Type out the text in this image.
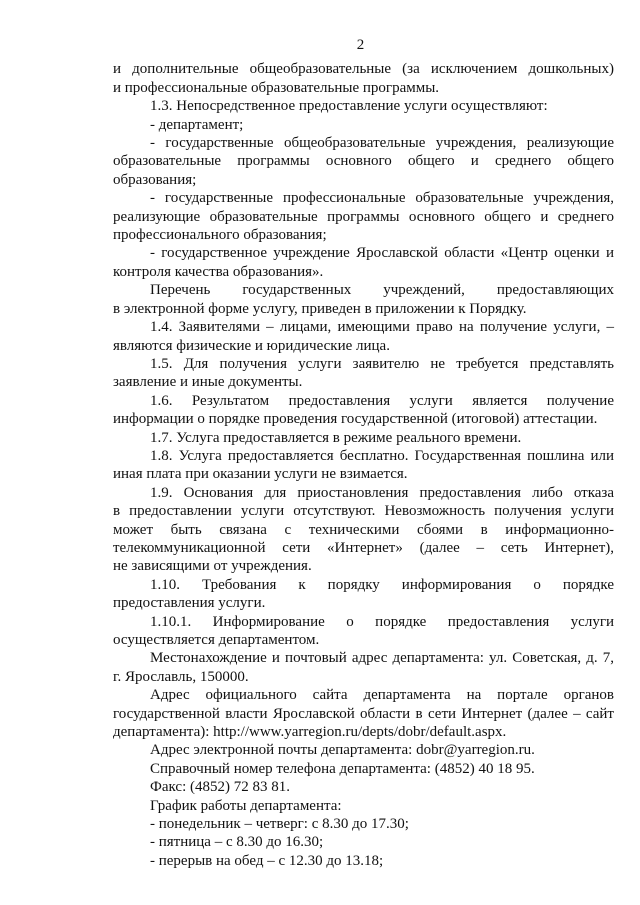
2
и дополнительные общеобразовательные (за исключением дошкольных)
и профессиональные образовательные программы.
1.3. Непосредственное предоставление услуги осуществляют:
- департамент;
- государственные общеобразовательные учреждения, реализующие
образовательные программы основного общего и среднего общего
образования;
- государственные профессиональные образовательные учреждения,
реализующие образовательные программы основного общего и среднего
профессионального образования;
- государственное учреждение Ярославской области «Центр оценки и
контроля качества образования».
Перечень государственных учреждений, предоставляющих
в электронной форме услугу, приведен в приложении к Порядку.
1.4. Заявителями – лицами, имеющими право на получение услуги, –
являются физические и юридические лица.
1.5. Для получения услуги заявителю не требуется представлять
заявление и иные документы.
1.6. Результатом предоставления услуги является получение
информации о порядке проведения государственной (итоговой) аттестации.
1.7. Услуга предоставляется в режиме реального времени.
1.8. Услуга предоставляется бесплатно. Государственная пошлина или
иная плата при оказании услуги не взимается.
1.9. Основания для приостановления предоставления либо отказа
в предоставлении услуги отсутствуют. Невозможность получения услуги
может быть связана с техническими сбоями в информационно-
телекоммуникационной сети «Интернет» (далее – сеть Интернет),
не зависящими от учреждения.
1.10. Требования к порядку информирования о порядке
предоставления услуги.
1.10.1. Информирование о порядке предоставления услуги
осуществляется департаментом.
Местонахождение и почтовый адрес департамента: ул. Советская, д. 7,
г. Ярославль, 150000.
Адрес официального сайта департамента на портале органов
государственной власти Ярославской области в сети Интернет (далее – сайт
департамента): http://www.yarregion.ru/depts/dobr/default.aspx.
Адрес электронной почты департамента: dobr@yarregion.ru.
Справочный номер телефона департамента: (4852) 40 18 95.
Факс: (4852) 72 83 81.
График работы департамента:
- понедельник – четверг: с 8.30 до 17.30;
- пятница – с 8.30 до 16.30;
- перерыв на обед – с 12.30 до 13.18;
